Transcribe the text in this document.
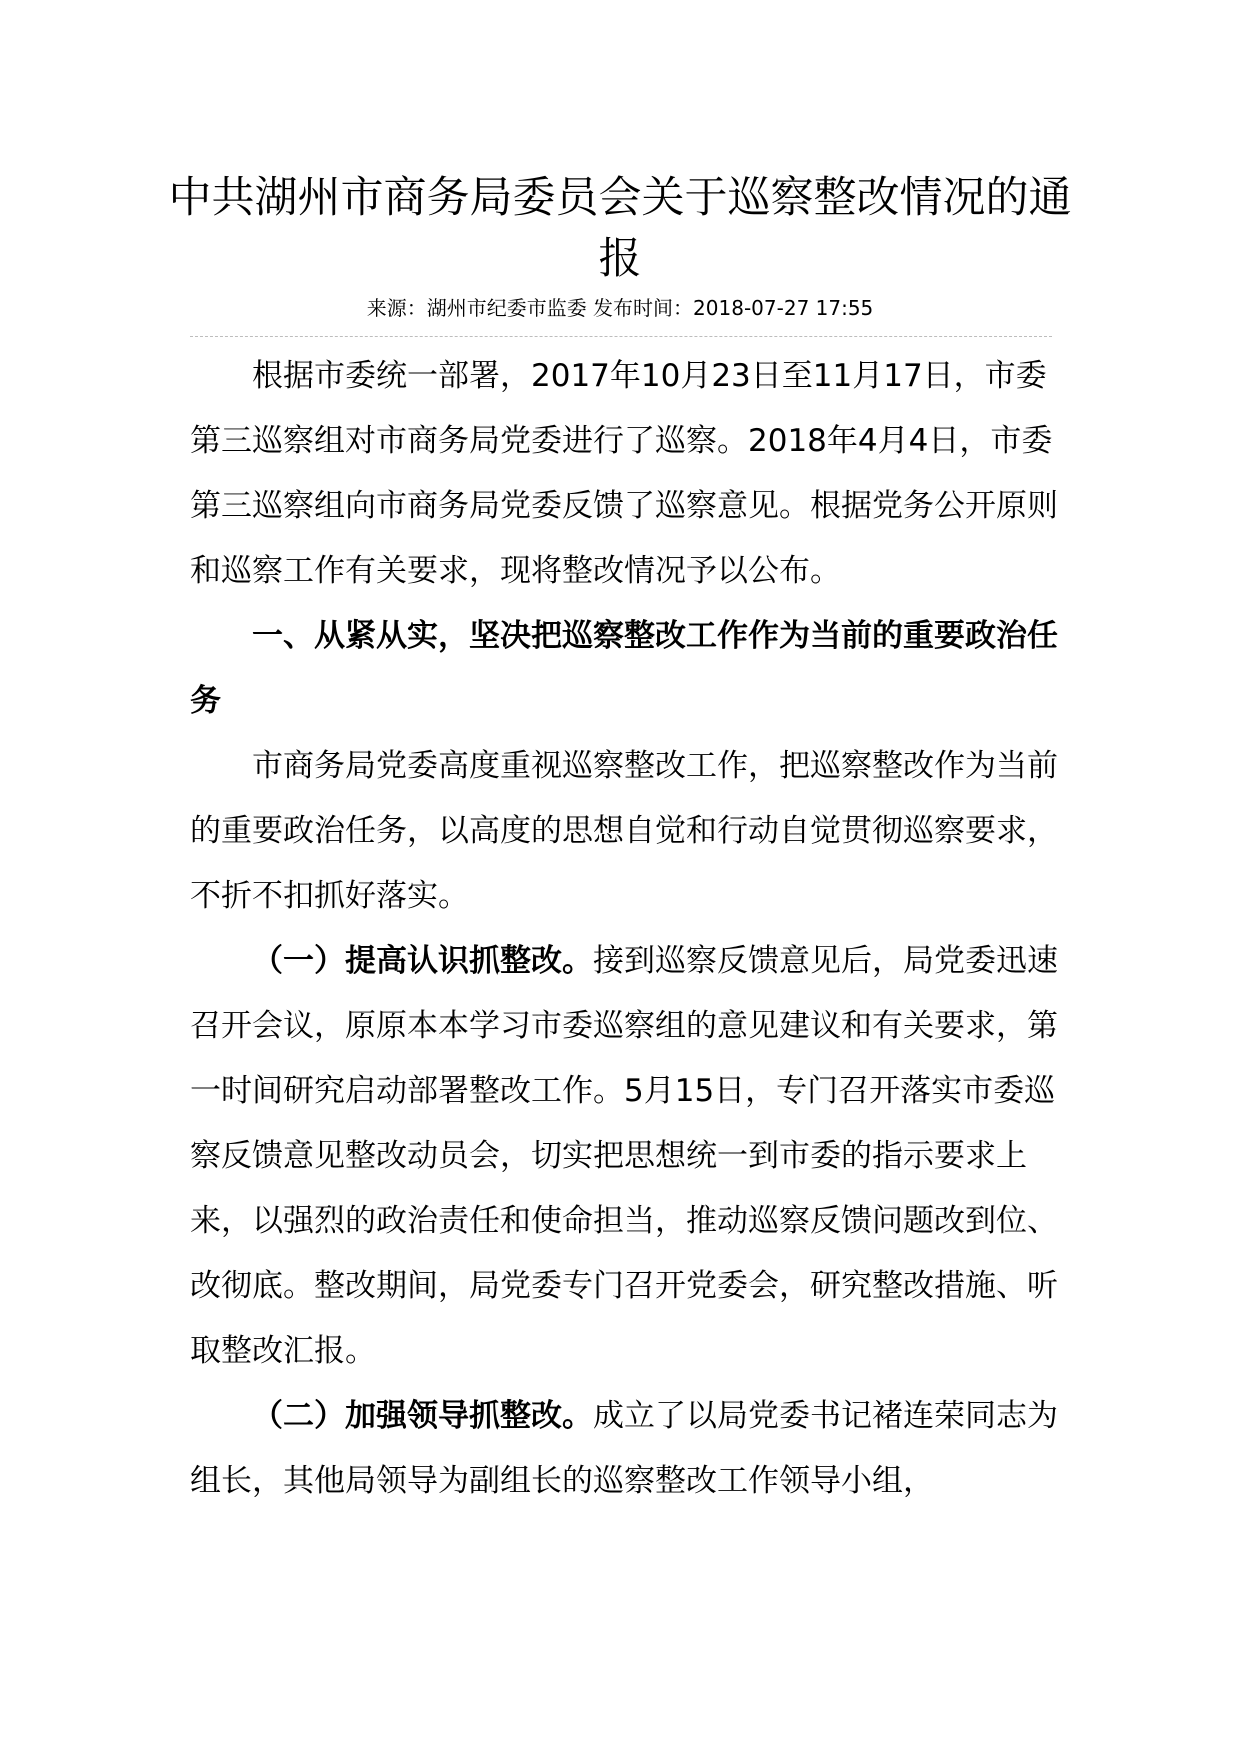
中共湖州市商务局委员会关于巡察整改情况的通报
来源：湖州市纪委市监委 发布时间：2018-07-27 17:55

根据市委统一部署，2017年10月23日至11月17日，市委第三巡察组对市商务局党委进行了巡察。2018年4月4日，市委第三巡察组向市商务局党委反馈了巡察意见。根据党务公开原则和巡察工作有关要求，现将整改情况予以公布。

一、从紧从实，坚决把巡察整改工作作为当前的重要政治任务

市商务局党委高度重视巡察整改工作，把巡察整改作为当前的重要政治任务，以高度的思想自觉和行动自觉贯彻巡察要求，不折不扣抓好落实。

（一）提高认识抓整改。接到巡察反馈意见后，局党委迅速召开会议，原原本本学习市委巡察组的意见建议和有关要求，第一时间研究启动部署整改工作。5月15日，专门召开落实市委巡察反馈意见整改动员会，切实把思想统一到市委的指示要求上来，以强烈的政治责任和使命担当，推动巡察反馈问题改到位、改彻底。整改期间，局党委专门召开党委会，研究整改措施、听取整改汇报。

（二）加强领导抓整改。成立了以局党委书记褚连荣同志为组长，其他局领导为副组长的巡察整改工作领导小组，
